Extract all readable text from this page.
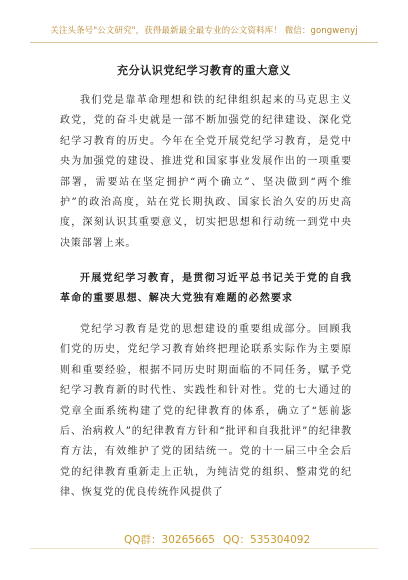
关注头条号"公文研究"，获得最新最全最专业的公文资料库！ 微信：gongwenyj
充分认识党纪学习教育的重大意义

我们党是靠革命理想和铁的纪律组织起来的马克思主义政党，党的奋斗史就是一部不断加强党的纪律建设、深化党纪学习教育的历史。今年在全党开展党纪学习教育，是党中央为加强党的建设、推进党和国家事业发展作出的一项重要部署，需要站在坚定拥护“两个确立”、坚决做到“两个维护”的政治高度，站在党长期执政、国家长治久安的历史高度，深刻认识其重要意义，切实把思想和行动统一到党中央决策部署上来。

开展党纪学习教育，是贯彻习近平总书记关于党的自我革命的重要思想、解决大党独有难题的必然要求

党纪学习教育是党的思想建设的重要组成部分。回顾我们党的历史，党纪学习教育始终把理论联系实际作为主要原则和重要经验，根据不同历史时期面临的不同任务，赋予党纪学习教育新的时代性、实践性和针对性。党的七大通过的党章全面系统构建了党的纪律教育的体系，确立了“惩前毖后、治病救人”的纪律教育方针和“批评和自我批评”的纪律教育方法，有效维护了党的团结统一。党的十一届三中全会后党的纪律教育重新走上正轨，为纯洁党的组织、整肃党的纪律、恢复党的优良传统作风提供了

QQ群：30265665 QQ：535304092
